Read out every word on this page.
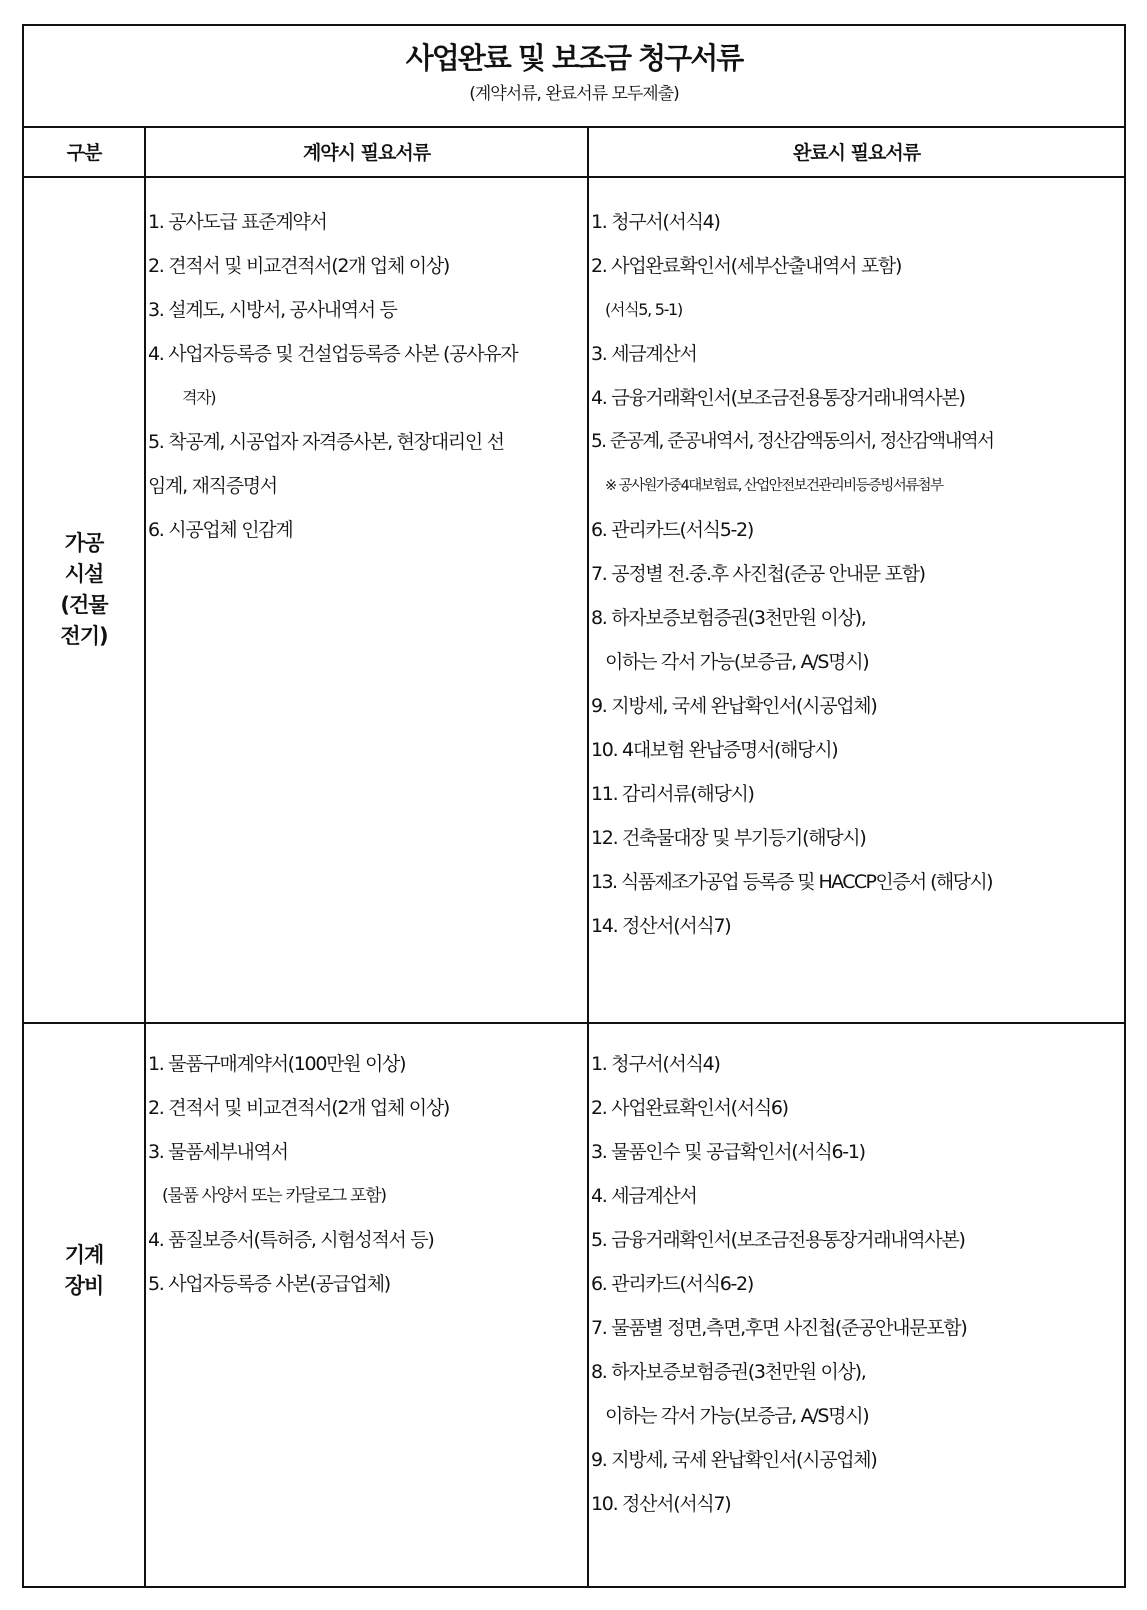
사업완료 및 보조금 청구서류
(계약서류, 완료서류 모두제출)
구분	계약시 필요서류	완료시 필요서류
가공
시설
(건물
전기)
1. 공사도급 표준계약서
2. 견적서 및 비교견적서(2개 업체 이상)
3. 설계도, 시방서, 공사내역서 등
4. 사업자등록증 및 건설업등록증 사본 (공사유자
격자)
5. 착공계, 시공업자 자격증사본, 현장대리인 선
임계, 재직증명서
6. 시공업체 인감계
1. 청구서(서식4)
2. 사업완료확인서(세부산출내역서 포함)
(서식5, 5-1)
3. 세금계산서
4. 금융거래확인서(보조금전용통장거래내역사본)
5. 준공계, 준공내역서, 정산감액동의서, 정산감액내역서
※ 공사원가중4대보험료, 산업안전보건관리비등증빙서류첨부
6. 관리카드(서식5-2)
7. 공정별 전.중.후 사진첩(준공 안내문 포함)
8. 하자보증보험증권(3천만원 이상),
이하는 각서 가능(보증금, A/S명시)
9. 지방세, 국세 완납확인서(시공업체)
10. 4대보험 완납증명서(해당시)
11. 감리서류(해당시)
12. 건축물대장 및 부기등기(해당시)
13. 식품제조가공업 등록증 및 HACCP인증서 (해당시)
14. 정산서(서식7)
기계
장비
1. 물품구매계약서(100만원 이상)
2. 견적서 및 비교견적서(2개 업체 이상)
3. 물품세부내역서
(물품 사양서 또는 카달로그 포함)
4. 품질보증서(특허증, 시험성적서 등)
5. 사업자등록증 사본(공급업체)
1. 청구서(서식4)
2. 사업완료확인서(서식6)
3. 물품인수 및 공급확인서(서식6-1)
4. 세금계산서
5. 금융거래확인서(보조금전용통장거래내역사본)
6. 관리카드(서식6-2)
7. 물품별 정면,측면,후면 사진첩(준공안내문포함)
8. 하자보증보험증권(3천만원 이상),
이하는 각서 가능(보증금, A/S명시)
9. 지방세, 국세 완납확인서(시공업체)
10. 정산서(서식7)
